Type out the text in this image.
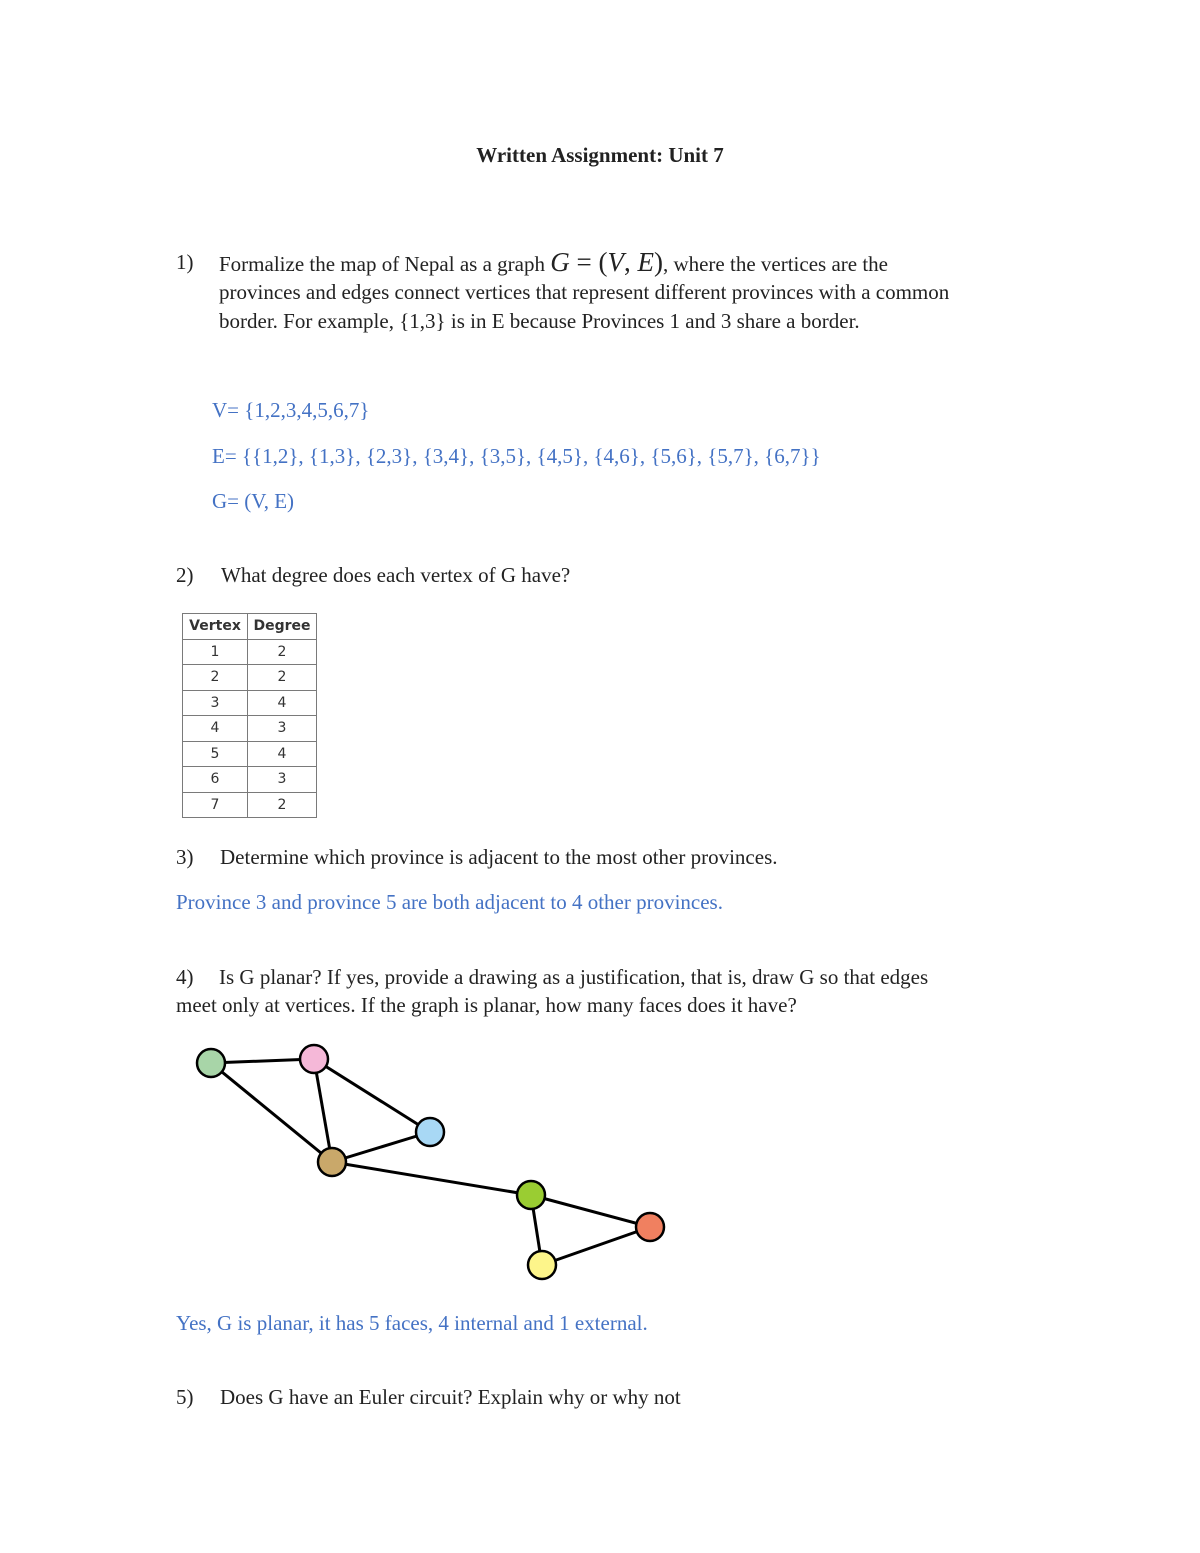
Written Assignment: Unit 7
1) Formalize the map of Nepal as a graph G = (V, E), where the vertices are the
provinces and edges connect vertices that represent different provinces with a common
border. For example, {1,3} is in E because Provinces 1 and 3 share a border.
V= {1,2,3,4,5,6,7}
E= {{1,2}, {1,3}, {2,3}, {3,4}, {3,5}, {4,5}, {4,6}, {5,6}, {5,7}, {6,7}}
G= (V, E)
2) What degree does each vertex of G have?
Vertex	Degree
1	2
2	2
3	4
4	3
5	4
6	3
7	2
3) Determine which province is adjacent to the most other provinces.
Province 3 and province 5 are both adjacent to 4 other provinces.
4) Is G planar? If yes, provide a drawing as a justification, that is, draw G so that edges
meet only at vertices. If the graph is planar, how many faces does it have?
Yes, G is planar, it has 5 faces, 4 internal and 1 external.
5) Does G have an Euler circuit? Explain why or why not
